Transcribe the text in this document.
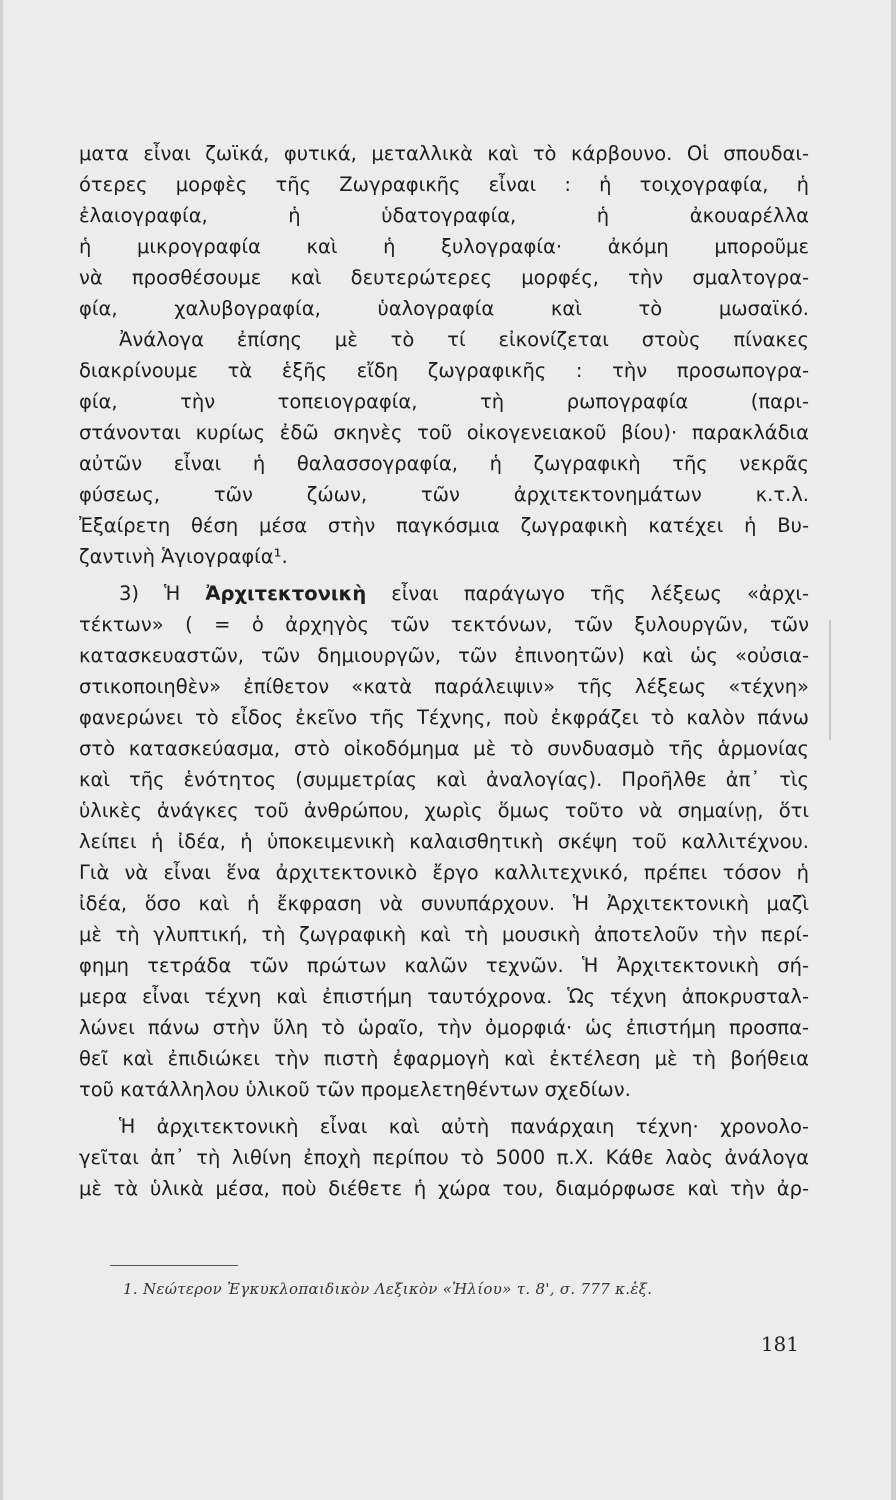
ματα εἶναι ζωϊκά, φυτικά, μεταλλικὰ καὶ τὸ κάρβουνο. Οἱ σπουδαι-
ότερες μορφὲς τῆς Ζωγραφικῆς εἶναι : ἡ τοιχογραφία, ἡ
ἐλαιογραφία, ἡ ὑδατογραφία, ἡ ἀκουαρέλλα
ἡ μικρογραφία καὶ ἡ ξυλογραφία· ἀκόμη μποροῦμε
νὰ προσθέσουμε καὶ δευτερώτερες μορφές, τὴν σμαλτογρα-
φία, χαλυβογραφία, ὑαλογραφία καὶ τὸ μωσαϊκό.
Ἀνάλογα ἐπίσης μὲ τὸ τί εἰκονίζεται στοὺς πίνακες
διακρίνουμε τὰ ἑξῆς εἴδη ζωγραφικῆς : τὴν προσωπογρα-
φία, τὴν τοπειογραφία, τὴ ρωπογραφία (παρι-
στάνονται κυρίως ἐδῶ σκηνὲς τοῦ οἰκογενειακοῦ βίου)· παρακλάδια
αὐτῶν εἶναι ἡ θαλασσογραφία, ἡ ζωγραφικὴ τῆς νεκρᾶς
φύσεως, τῶν ζώων, τῶν ἀρχιτεκτονημάτων κ.τ.λ.
Ἐξαίρετη θέση μέσα στὴν παγκόσμια ζωγραφικὴ κατέχει ἡ Βυ-
ζαντινὴ Ἁγιογραφία¹.
3) Ἡ Ἀρχιτεκτονικὴ εἶναι παράγωγο τῆς λέξεως «ἀρχι-
τέκτων» ( = ὁ ἀρχηγὸς τῶν τεκτόνων, τῶν ξυλουργῶν, τῶν
κατασκευαστῶν, τῶν δημιουργῶν, τῶν ἐπινοητῶν) καὶ ὡς «οὐσια-
στικοποιηθὲν» ἐπίθετον «κατὰ παράλειψιν» τῆς λέξεως «τέχνη»
φανερώνει τὸ εἶδος ἐκεῖνο τῆς Τέχνης, ποὺ ἐκφράζει τὸ καλὸν πάνω
στὸ κατασκεύασμα, στὸ οἰκοδόμημα μὲ τὸ συνδυασμὸ τῆς ἁρμονίας
καὶ τῆς ἑνότητος (συμμετρίας καὶ ἀναλογίας). Προῆλθε ἀπ᾿ τὶς
ὑλικὲς ἀνάγκες τοῦ ἀνθρώπου, χωρὶς ὅμως τοῦτο νὰ σημαίνῃ, ὅτι
λείπει ἡ ἰδέα, ἡ ὑποκειμενικὴ καλαισθητικὴ σκέψη τοῦ καλλιτέχνου.
Γιὰ νὰ εἶναι ἕνα ἀρχιτεκτονικὸ ἔργο καλλιτεχνικό, πρέπει τόσον ἡ
ἰδέα, ὅσο καὶ ἡ ἔκφραση νὰ συνυπάρχουν. Ἡ Ἀρχιτεκτονικὴ μαζὶ
μὲ τὴ γλυπτική, τὴ ζωγραφικὴ καὶ τὴ μουσικὴ ἀποτελοῦν τὴν περί-
φημη τετράδα τῶν πρώτων καλῶν τεχνῶν. Ἡ Ἀρχιτεκτονικὴ σή-
μερα εἶναι τέχνη καὶ ἐπιστήμη ταυτόχρονα. Ὡς τέχνη ἀποκρυσταλ-
λώνει πάνω στὴν ὕλη τὸ ὡραῖο, τὴν ὀμορφιά· ὡς ἐπιστήμη προσπα-
θεῖ καὶ ἐπιδιώκει τὴν πιστὴ ἐφαρμογὴ καὶ ἐκτέλεση μὲ τὴ βοήθεια
τοῦ κατάλληλου ὑλικοῦ τῶν προμελετηθέντων σχεδίων.
Ἡ ἀρχιτεκτονικὴ εἶναι καὶ αὐτὴ πανάρχαιη τέχνη· χρονολο-
γεῖται ἀπ᾿ τὴ λιθίνη ἐποχὴ περίπου τὸ 5000 π.Χ. Κάθε λαὸς ἀνάλογα
μὲ τὰ ὑλικὰ μέσα, ποὺ διέθετε ἡ χώρα του, διαμόρφωσε καὶ τὴν ἀρ-
1. Νεώτερον Ἐγκυκλοπαιδικὸν Λεξικὸν «Ἡλίου» τ. 8', σ. 777 κ.ἑξ.
181
